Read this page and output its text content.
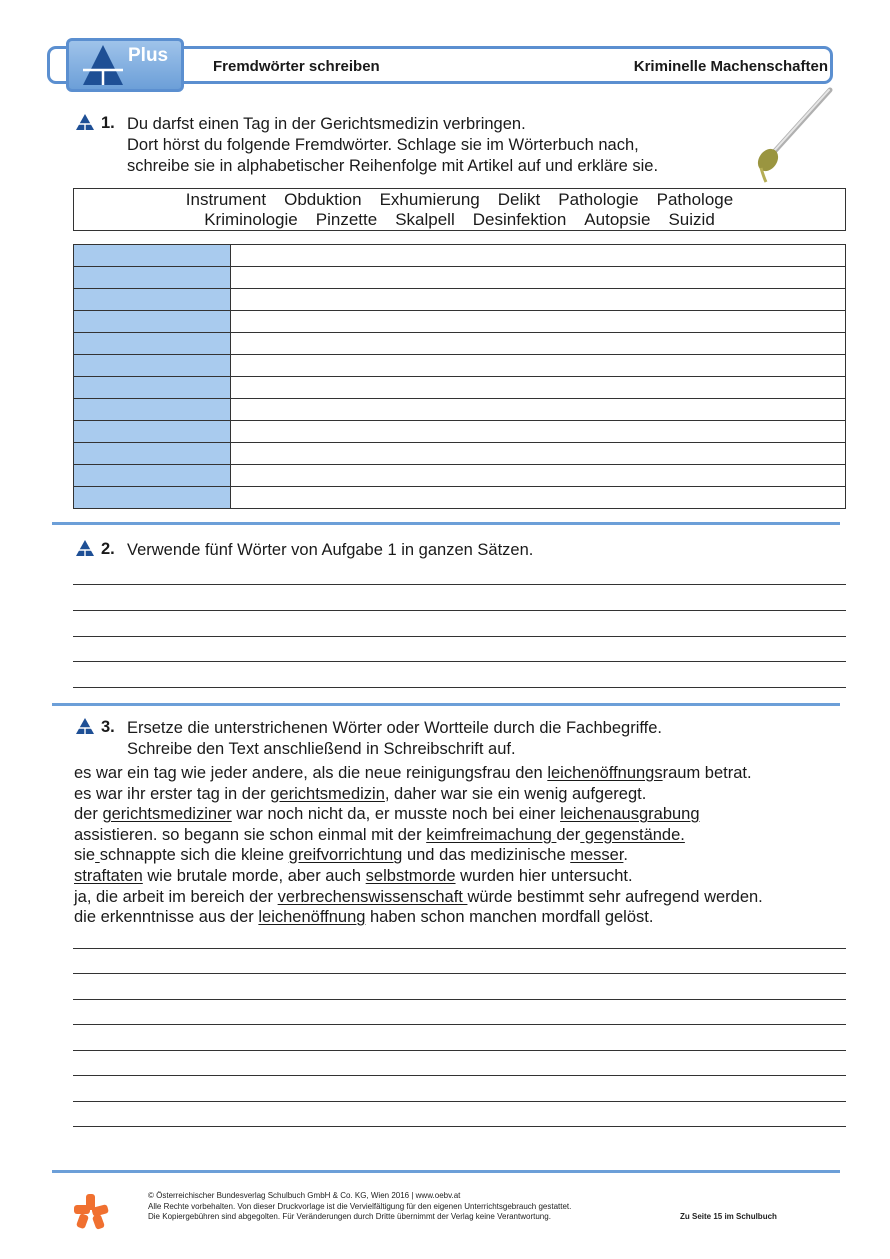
Plus
Fremdwörter schreiben	Kriminelle Machenschaften
1. Du darfst einen Tag in der Gerichtsmedizin verbringen.
Dort hörst du folgende Fremdwörter. Schlage sie im Wörterbuch nach,
schreibe sie in alphabetischer Reihenfolge mit Artikel auf und erkläre sie.
Instrument Obduktion Exhumierung Delikt Pathologie Pathologe
Kriminologie Pinzette Skalpell Desinfektion Autopsie Suizid

2. Verwende fünf Wörter von Aufgabe 1 in ganzen Sätzen.
3. Ersetze die unterstrichenen Wörter oder Wortteile durch die Fachbegriffe.
Schreibe den Text anschließend in Schreibschrift auf.
es war ein tag wie jeder andere, als die neue reinigungsfrau den leichenöffnungsraum betrat.
es war ihr erster tag in der gerichtsmedizin, daher war sie ein wenig aufgeregt.
der gerichtsmediziner war noch nicht da, er musste noch bei einer leichenausgrabung
assistieren. so begann sie schon einmal mit der keimfreimachung der gegenstände.
sie schnappte sich die kleine greifvorrichtung und das medizinische messer.
straftaten wie brutale morde, aber auch selbstmorde wurden hier untersucht.
ja, die arbeit im bereich der verbrechenswissenschaft würde bestimmt sehr aufregend werden.
die erkenntnisse aus der leichenöffnung haben schon manchen mordfall gelöst.
© Österreichischer Bundesverlag Schulbuch GmbH & Co. KG, Wien 2016 | www.oebv.at
Alle Rechte vorbehalten. Von dieser Druckvorlage ist die Vervielfältigung für den eigenen Unterrichtsgebrauch gestattet.
Die Kopiergebühren sind abgegolten. Für Veränderungen durch Dritte übernimmt der Verlag keine Verantwortung.	Zu Seite 15 im Schulbuch
